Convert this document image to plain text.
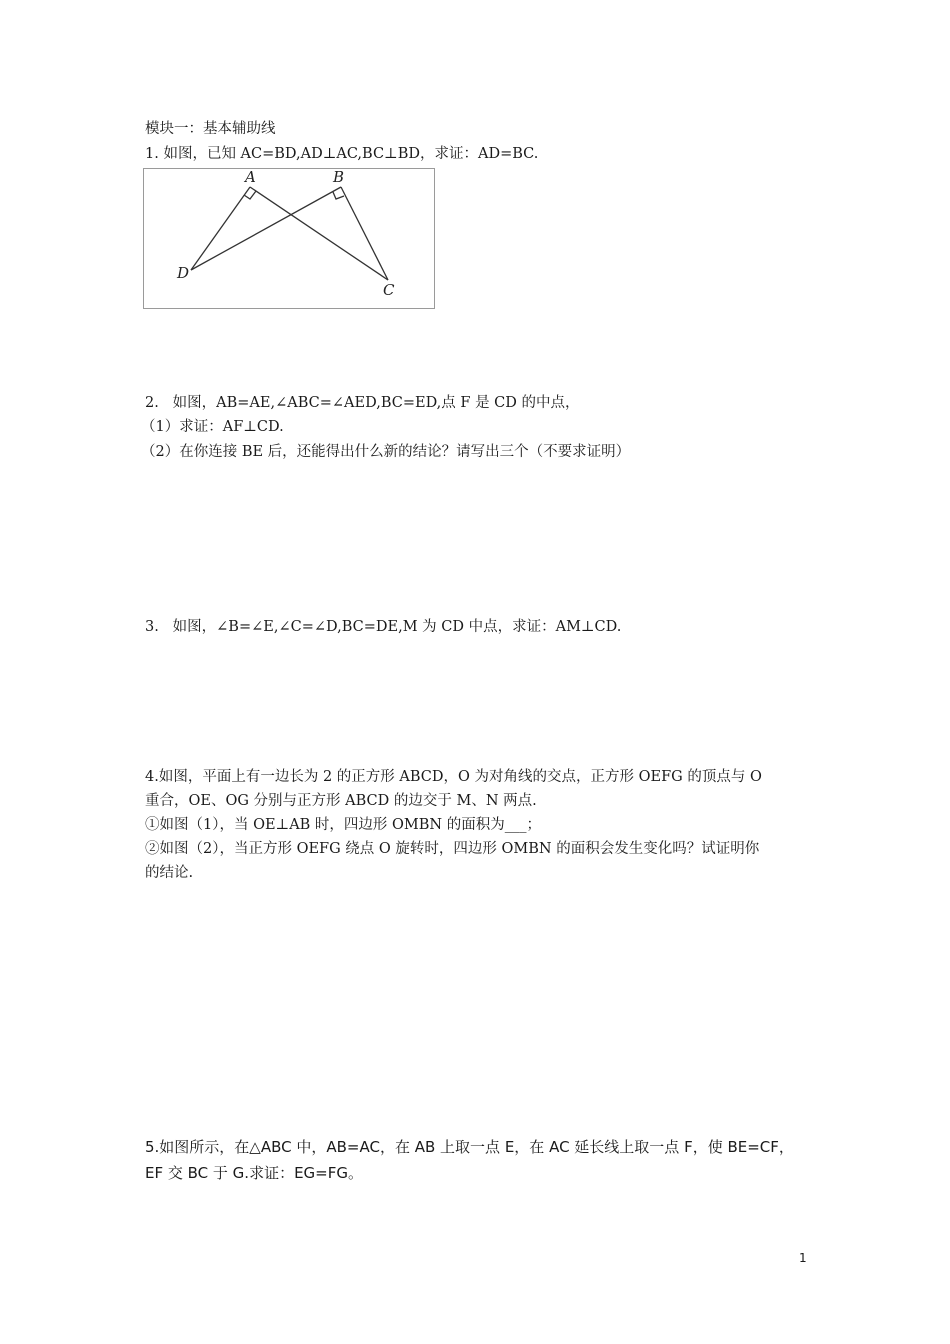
模块一：基本辅助线
1. 如图，已知 AC=BD,AD⊥AC,BC⊥BD，求证：AD=BC.
A	B
C
D
2.   如图，AB=AE,∠ABC=∠AED,BC=ED,点 F 是 CD 的中点，
（1）求证：AF⊥CD.
（2）在你连接 BE 后，还能得出什么新的结论？请写出三个（不要求证明）
3.   如图，∠B=∠E,∠C=∠D,BC=DE,M 为 CD 中点，求证：AM⊥CD.
4.如图，平面上有一边长为 2 的正方形 ABCD，O 为对角线的交点，正方形 OEFG 的顶点与 O
重合，OE、OG 分别与正方形 ABCD 的边交于 M、N 两点.
①如图（1），当 OE⊥AB 时，四边形 OMBN 的面积为___；
②如图（2），当正方形 OEFG 绕点 O 旋转时，四边形 OMBN 的面积会发生变化吗？试证明你
的结论.
5.如图所示，在△ABC 中，AB=AC，在 AB 上取一点 E，在 AC 延长线上取一点 F，使 BE=CF，
EF 交 BC 于 G.求证：EG=FG。
1
